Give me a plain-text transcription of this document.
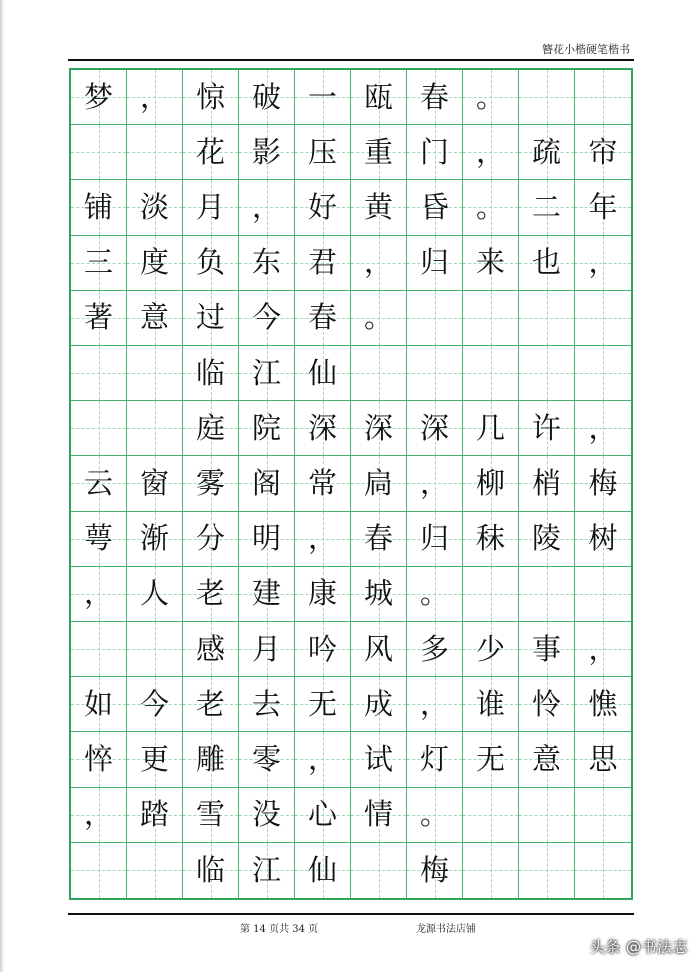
簪花小楷硬笔楷书
梦 ， 惊 破 一 瓯 春 。
花 影 压 重 门 ， 疏 帘
铺 淡 月 ， 好 黄 昏 。 二 年
三 度 负 东 君 ， 归 来 也 ，
著 意 过 今 春 。
临 江 仙
庭 院 深 深 深 几 许 ，
云 窗 雾 阁 常 扃 ， 柳 梢 梅
萼 渐 分 明 ， 春 归 秣 陵 树
， 人 老 建 康 城 。
感 月 吟 风 多 少 事 ，
如 今 老 去 无 成 ， 谁 怜 憔
悴 更 雕 零 ， 试 灯 无 意 思
， 踏 雪 没 心 情 。
临 江 仙	梅
第 14 页共 34 页	龙源书法店铺
头条 @书法志
